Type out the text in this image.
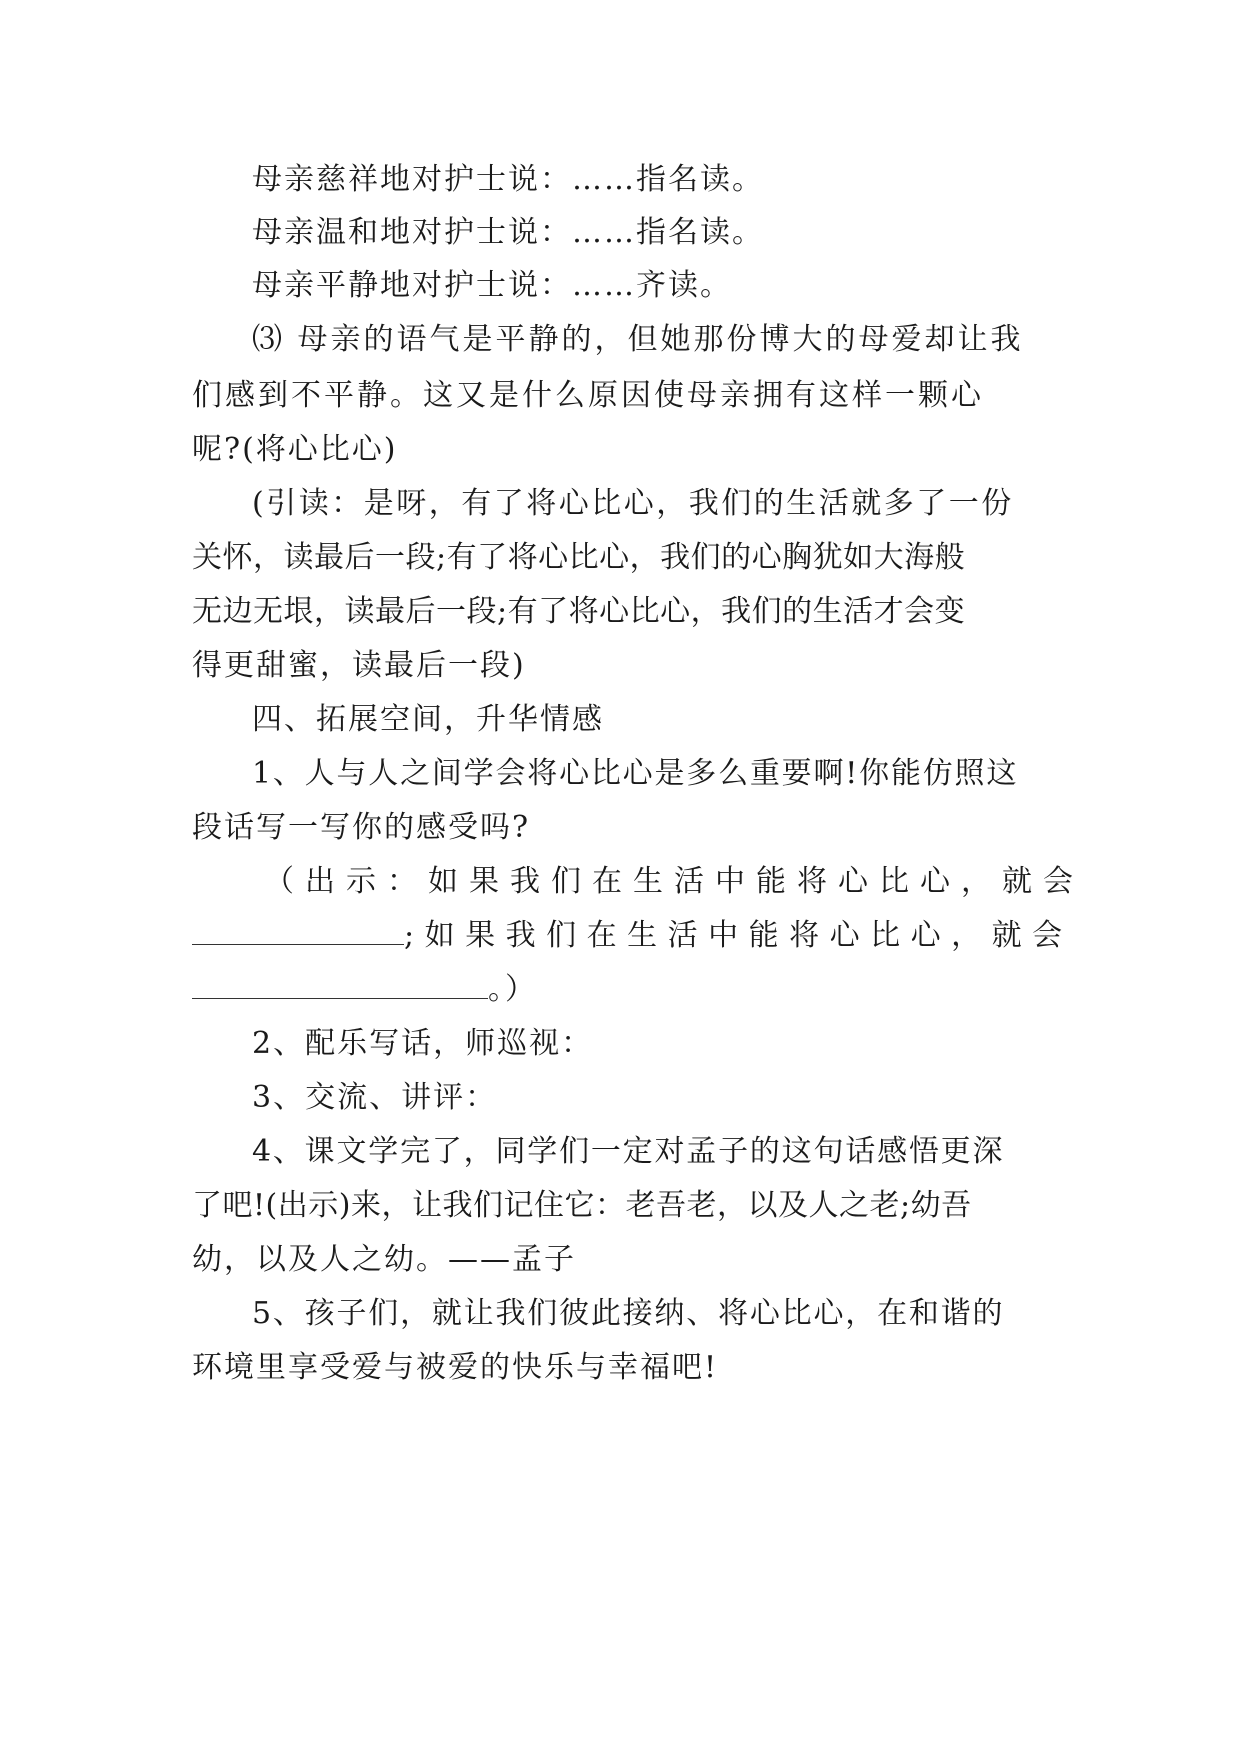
母亲慈祥地对护士说：……指名读。
母亲温和地对护士说：……指名读。
母亲平静地对护士说：……齐读。
⑶ 母亲的语气是平静的，但她那份博大的母爱却让我
们感到不平静。这又是什么原因使母亲拥有这样一颗心
呢?(将心比心)
(引读：是呀，有了将心比心，我们的生活就多了一份
关怀，读最后一段;有了将心比心，我们的心胸犹如大海般
无边无垠，读最后一段;有了将心比心，我们的生活才会变
得更甜蜜，读最后一段)
四、拓展空间，升华情感
1、人与人之间学会将心比心是多么重要啊!你能仿照这
段话写一写你的感受吗?
（出示：如果我们在生活中能将心比心，就会
;如果我们在生活中能将心比心，就会
。）
2、配乐写话，师巡视：
3、交流、讲评：
4、课文学完了，同学们一定对孟子的这句话感悟更深
了吧!(出示)来，让我们记住它：老吾老，以及人之老;幼吾
幼，以及人之幼。——孟子
5、孩子们，就让我们彼此接纳、将心比心，在和谐的
环境里享受爱与被爱的快乐与幸福吧!
